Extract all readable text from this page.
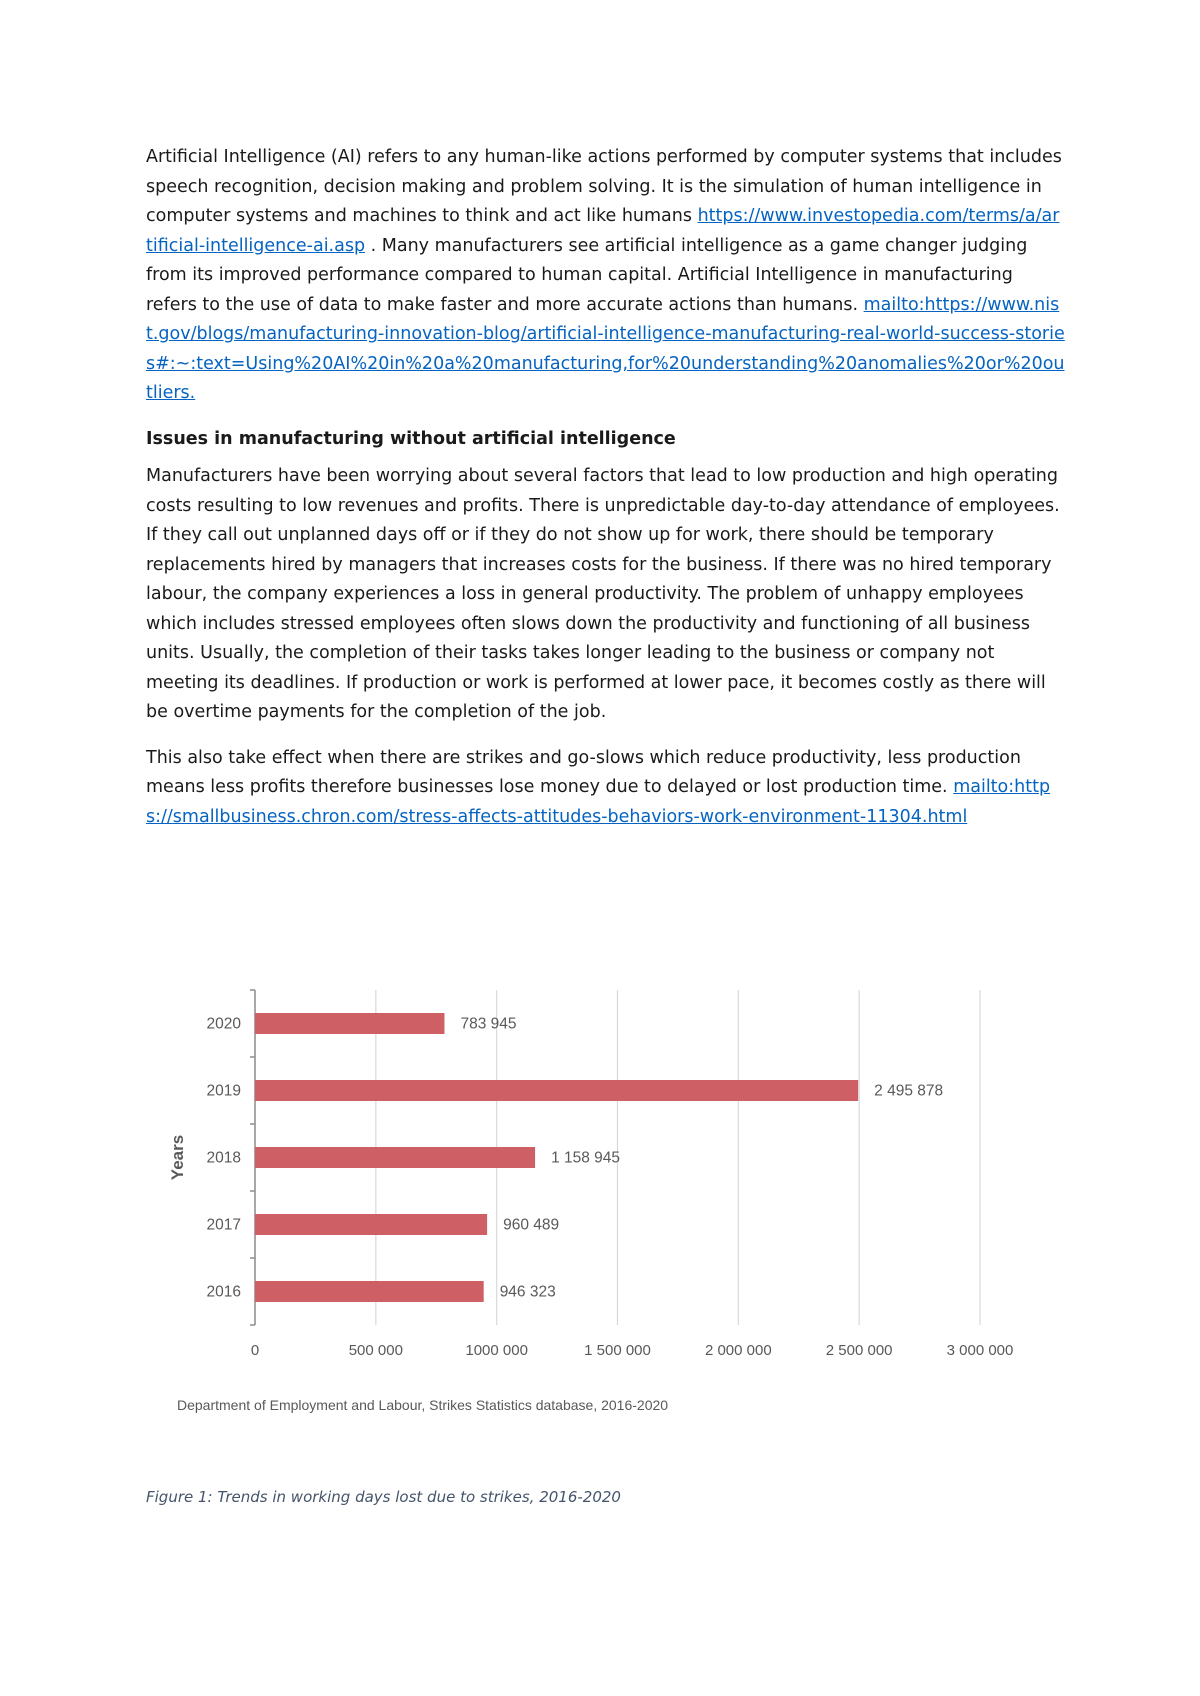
Artificial Intelligence (AI) refers to any human-like actions performed by computer systems that includes speech recognition, decision making and problem solving. It is the simulation of human intelligence in computer systems and machines to think and act like humans https://www.investopedia.com/terms/a/artificial-intelligence-ai.asp . Many manufacturers see artificial intelligence as a game changer judging from its improved performance compared to human capital. Artificial Intelligence in manufacturing refers to the use of data to make faster and more accurate actions than humans. mailto:https://www.nist.gov/blogs/manufacturing-innovation-blog/artificial-intelligence-manufacturing-real-world-success-stories#:~:text=Using%20AI%20in%20a%20manufacturing,for%20understanding%20anomalies%20or%20outliers.

Issues in manufacturing without artificial intelligence

Manufacturers have been worrying about several factors that lead to low production and high operating costs resulting to low revenues and profits. There is unpredictable day-to-day attendance of employees. If they call out unplanned days off or if they do not show up for work, there should be temporary replacements hired by managers that increases costs for the business. If there was no hired temporary labour, the company experiences a loss in general productivity. The problem of unhappy employees which includes stressed employees often slows down the productivity and functioning of all business units. Usually, the completion of their tasks takes longer leading to the business or company not meeting its deadlines. If production or work is performed at lower pace, it becomes costly as there will be overtime payments for the completion of the job.

This also take effect when there are strikes and go-slows which reduce productivity, less production means less profits therefore businesses lose money due to delayed or lost production time. mailto:https://smallbusiness.chron.com/stress-affects-attitudes-behaviors-work-environment-11304.html

0	500 000	1000 000	1 500 000	2 000 000	2 500 000	3 000 000
2020	783 945
2019	2 495 878
2018	1 158 945
2017	960 489
2016	946 323
Years
Department of Employment and Labour, Strikes Statistics database, 2016-2020
Figure 1: Trends in working days lost due to strikes, 2016-2020
